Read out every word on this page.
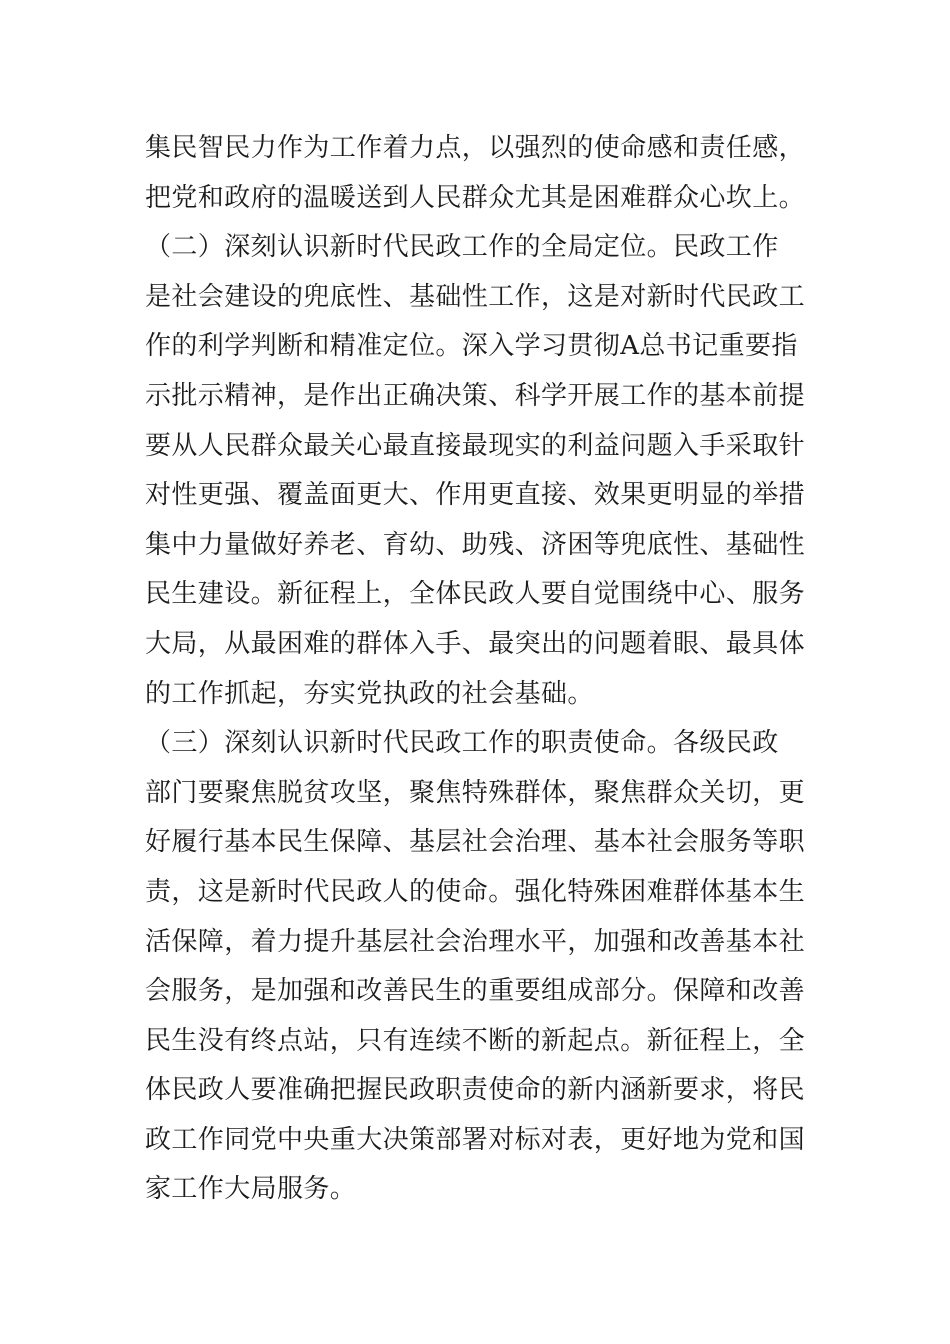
集民智民力作为工作着力点，以强烈的使命感和责任感，
把党和政府的温暖送到人民群众尤其是困难群众心坎上。
（二）深刻认识新时代民政工作的全局定位。民政工作
是社会建设的兜底性、基础性工作，这是对新时代民政工
作的利学判断和精准定位。深入学习贯彻A总书记重要指
示批示精神，是作出正确决策、科学开展工作的基本前提
要从人民群众最关心最直接最现实的利益问题入手采取针
对性更强、覆盖面更大、作用更直接、效果更明显的举措
集中力量做好养老、育幼、助残、济困等兜底性、基础性
民生建设。新征程上，全体民政人要自觉围绕中心、服务
大局，从最困难的群体入手、最突出的问题着眼、最具体
的工作抓起，夯实党执政的社会基础。
（三）深刻认识新时代民政工作的职责使命。各级民政
部门要聚焦脱贫攻坚，聚焦特殊群体，聚焦群众关切，更
好履行基本民生保障、基层社会治理、基本社会服务等职
责，这是新时代民政人的使命。强化特殊困难群体基本生
活保障，着力提升基层社会治理水平，加强和改善基本社
会服务，是加强和改善民生的重要组成部分。保障和改善
民生没有终点站，只有连续不断的新起点。新征程上，全
体民政人要准确把握民政职责使命的新内涵新要求，将民
政工作同党中央重大决策部署对标对表，更好地为党和国
家工作大局服务。
